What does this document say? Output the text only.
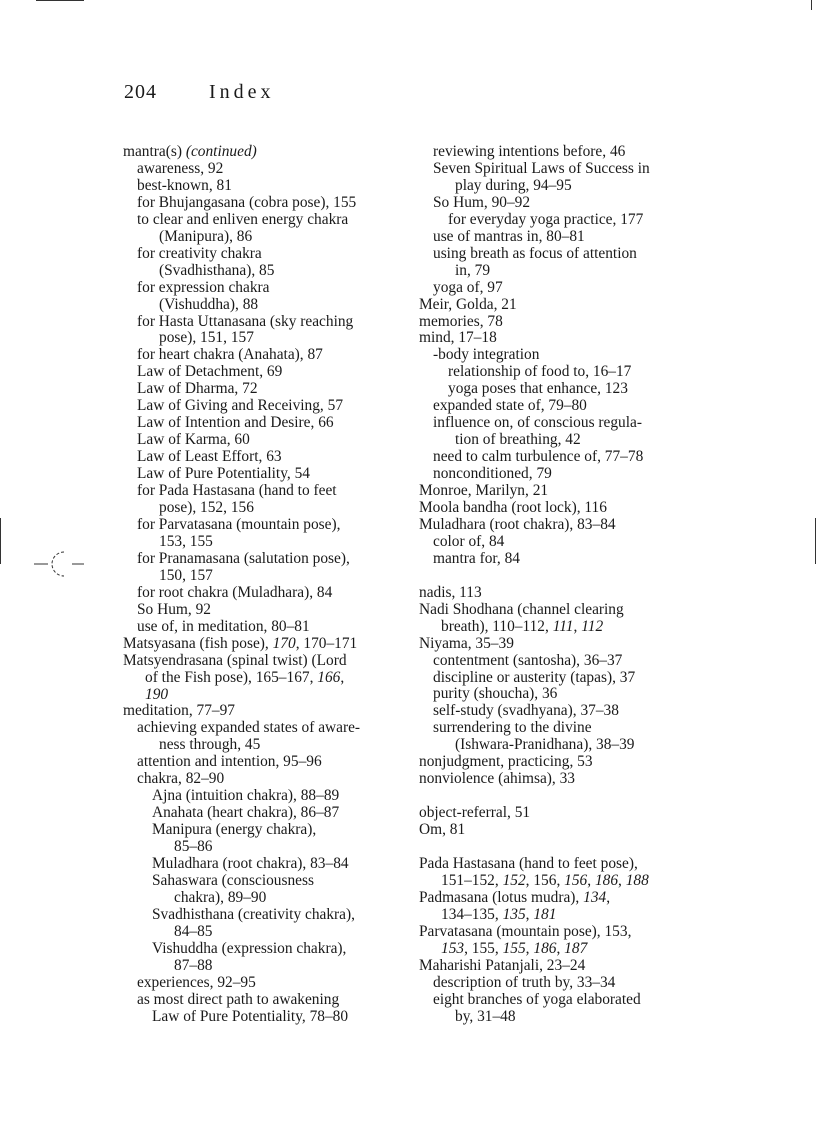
204	Index
mantra(s) (continued)
awareness, 92
best-known, 81
for Bhujangasana (cobra pose), 155
to clear and enliven energy chakra
(Manipura), 86
for creativity chakra
(Svadhisthana), 85
for expression chakra
(Vishuddha), 88
for Hasta Uttanasana (sky reaching
pose), 151, 157
for heart chakra (Anahata), 87
Law of Detachment, 69
Law of Dharma, 72
Law of Giving and Receiving, 57
Law of Intention and Desire, 66
Law of Karma, 60
Law of Least Effort, 63
Law of Pure Potentiality, 54
for Pada Hastasana (hand to feet
pose), 152, 156
for Parvatasana (mountain pose),
153, 155
for Pranamasana (salutation pose),
150, 157
for root chakra (Muladhara), 84
So Hum, 92
use of, in meditation, 80–81
Matsyasana (fish pose), 170, 170–171
Matsyendrasana (spinal twist) (Lord
of the Fish pose), 165–167, 166,
190
meditation, 77–97
achieving expanded states of aware-
ness through, 45
attention and intention, 95–96
chakra, 82–90
Ajna (intuition chakra), 88–89
Anahata (heart chakra), 86–87
Manipura (energy chakra),
85–86
Muladhara (root chakra), 83–84
Sahaswara (consciousness
chakra), 89–90
Svadhisthana (creativity chakra),
84–85
Vishuddha (expression chakra),
87–88
experiences, 92–95
as most direct path to awakening
Law of Pure Potentiality, 78–80
reviewing intentions before, 46
Seven Spiritual Laws of Success in
play during, 94–95
So Hum, 90–92
for everyday yoga practice, 177
use of mantras in, 80–81
using breath as focus of attention
in, 79
yoga of, 97
Meir, Golda, 21
memories, 78
mind, 17–18
-body integration
relationship of food to, 16–17
yoga poses that enhance, 123
expanded state of, 79–80
influence on, of conscious regula-
tion of breathing, 42
need to calm turbulence of, 77–78
nonconditioned, 79
Monroe, Marilyn, 21
Moola bandha (root lock), 116
Muladhara (root chakra), 83–84
color of, 84
mantra for, 84
nadis, 113
Nadi Shodhana (channel clearing
breath), 110–112, 111, 112
Niyama, 35–39
contentment (santosha), 36–37
discipline or austerity (tapas), 37
purity (shoucha), 36
self-study (svadhyana), 37–38
surrendering to the divine
(Ishwara-Pranidhana), 38–39
nonjudgment, practicing, 53
nonviolence (ahimsa), 33
object-referral, 51
Om, 81
Pada Hastasana (hand to feet pose),
151–152, 152, 156, 156, 186, 188
Padmasana (lotus mudra), 134,
134–135, 135, 181
Parvatasana (mountain pose), 153,
153, 155, 155, 186, 187
Maharishi Patanjali, 23–24
description of truth by, 33–34
eight branches of yoga elaborated
by, 31–48
